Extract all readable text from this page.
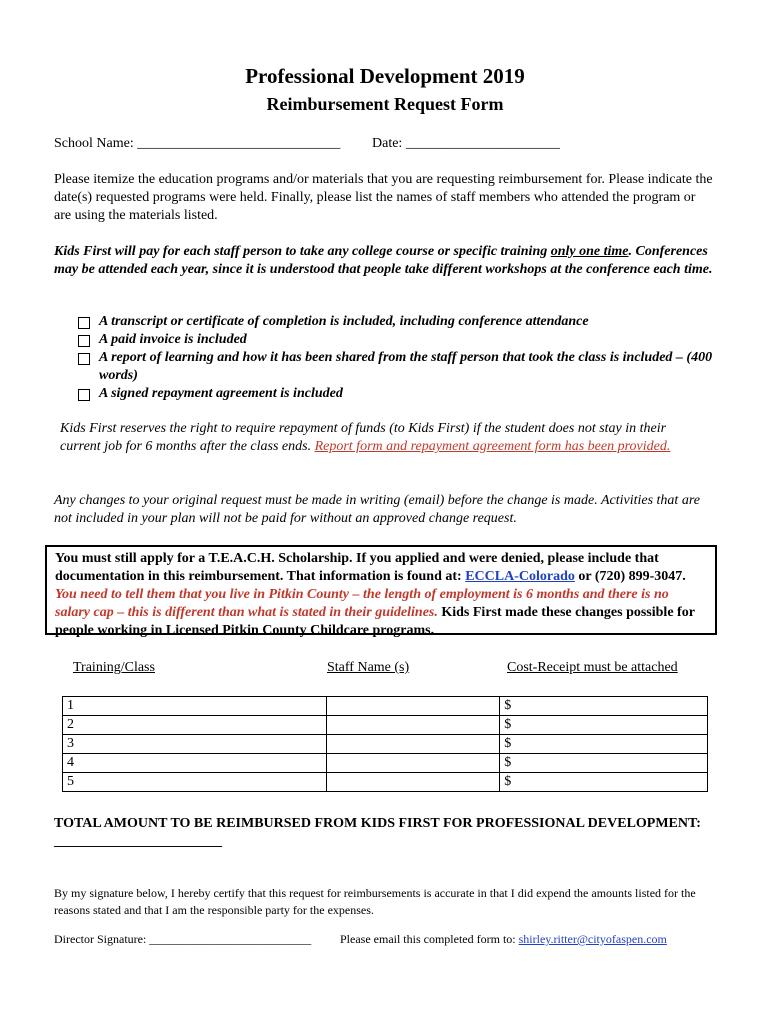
Professional Development 2019
Reimbursement Request Form
School Name: _____________________________ Date: ______________________

Please itemize the education programs and/or materials that you are requesting reimbursement for. Please indicate the date(s) requested programs were held. Finally, please list the names of staff members who attended the program or are using the materials listed.

Kids First will pay for each staff person to take any college course or specific training only one time. Conferences may be attended each year, since it is understood that people take different workshops at the conference each time.

A transcript or certificate of completion is included, including conference attendance
A paid invoice is included
A report of learning and how it has been shared from the staff person that took the class is included – (400 words)
A signed repayment agreement is included

Kids First reserves the right to require repayment of funds (to Kids First) if the student does not stay in their current job for 6 months after the class ends. Report form and repayment agreement form has been provided.

Any changes to your original request must be made in writing (email) before the change is made. Activities that are not included in your plan will not be paid for without an approved change request.

You must still apply for a T.E.A.C.H. Scholarship. If you applied and were denied, please include that documentation in this reimbursement. That information is found at: ECCLA-Colorado or (720) 899-3047. You need to tell them that you live in Pitkin County – the length of employment is 6 months and there is no salary cap – this is different than what is stated in their guidelines. Kids First made these changes possible for people working in Licensed Pitkin County Childcare programs.
Training/Class	Staff Name (s)	Cost-Receipt must be attached
1		$
2		$
3		$
4		$
5		$
TOTAL AMOUNT TO BE REIMBURSED FROM KIDS FIRST FOR PROFESSIONAL DEVELOPMENT: ________________________
By my signature below, I hereby certify that this request for reimbursements is accurate in that I did expend the amounts listed for the reasons stated and that I am the responsible party for the expenses.
Director Signature: ___________________________ Please email this completed form to: shirley.ritter@cityofaspen.com
